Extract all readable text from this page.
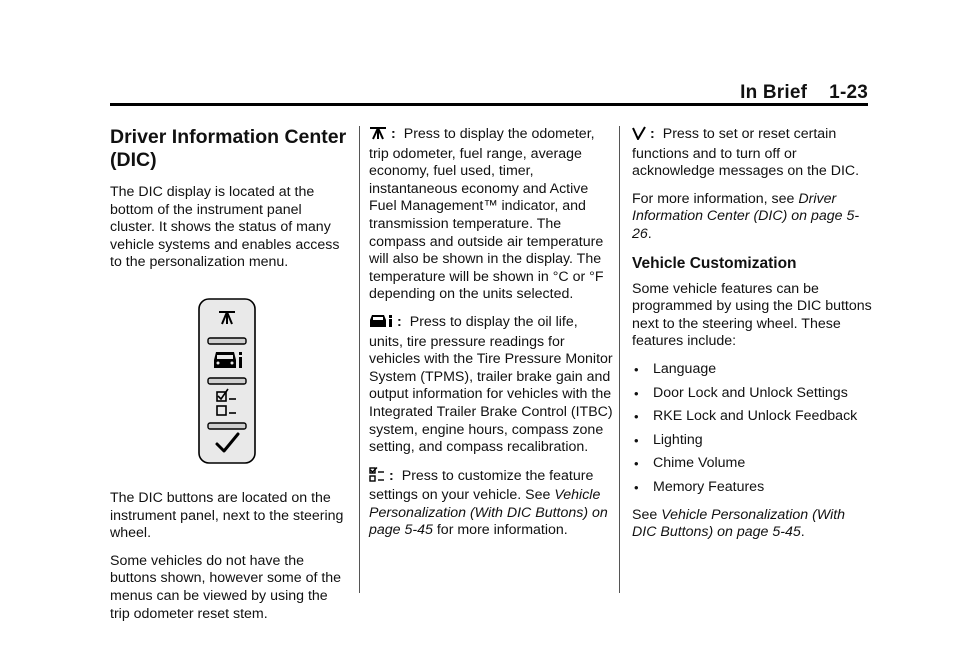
In Brief 1-23
Driver Information Center (DIC)

The DIC display is located at the bottom of the instrument panel cluster. It shows the status of many vehicle systems and enables access to the personalization menu.

The DIC buttons are located on the instrument panel, next to the steering wheel.

Some vehicles do not have the buttons shown, however some of the menus can be viewed by using the trip odometer reset stem.

: Press to display the odometer, trip odometer, fuel range, average economy, fuel used, timer, instantaneous economy and Active Fuel Management™ indicator, and transmission temperature. The compass and outside air temperature will also be shown in the display. The temperature will be shown in °C or °F depending on the units selected.

: Press to display the oil life, units, tire pressure readings for vehicles with the Tire Pressure Monitor System (TPMS), trailer brake gain and output information for vehicles with the Integrated Trailer Brake Control (ITBC) system, engine hours, compass zone setting, and compass recalibration.

: Press to customize the feature settings on your vehicle. See Vehicle Personalization (With DIC Buttons) on page 5-45 for more information.

: Press to set or reset certain functions and to turn off or acknowledge messages on the DIC.

For more information, see Driver Information Center (DIC) on page 5-26.

Vehicle Customization

Some vehicle features can be programmed by using the DIC buttons next to the steering wheel. These features include:

• Language
• Door Lock and Unlock Settings
• RKE Lock and Unlock Feedback
• Lighting
• Chime Volume
• Memory Features

See Vehicle Personalization (With DIC Buttons) on page 5-45.
